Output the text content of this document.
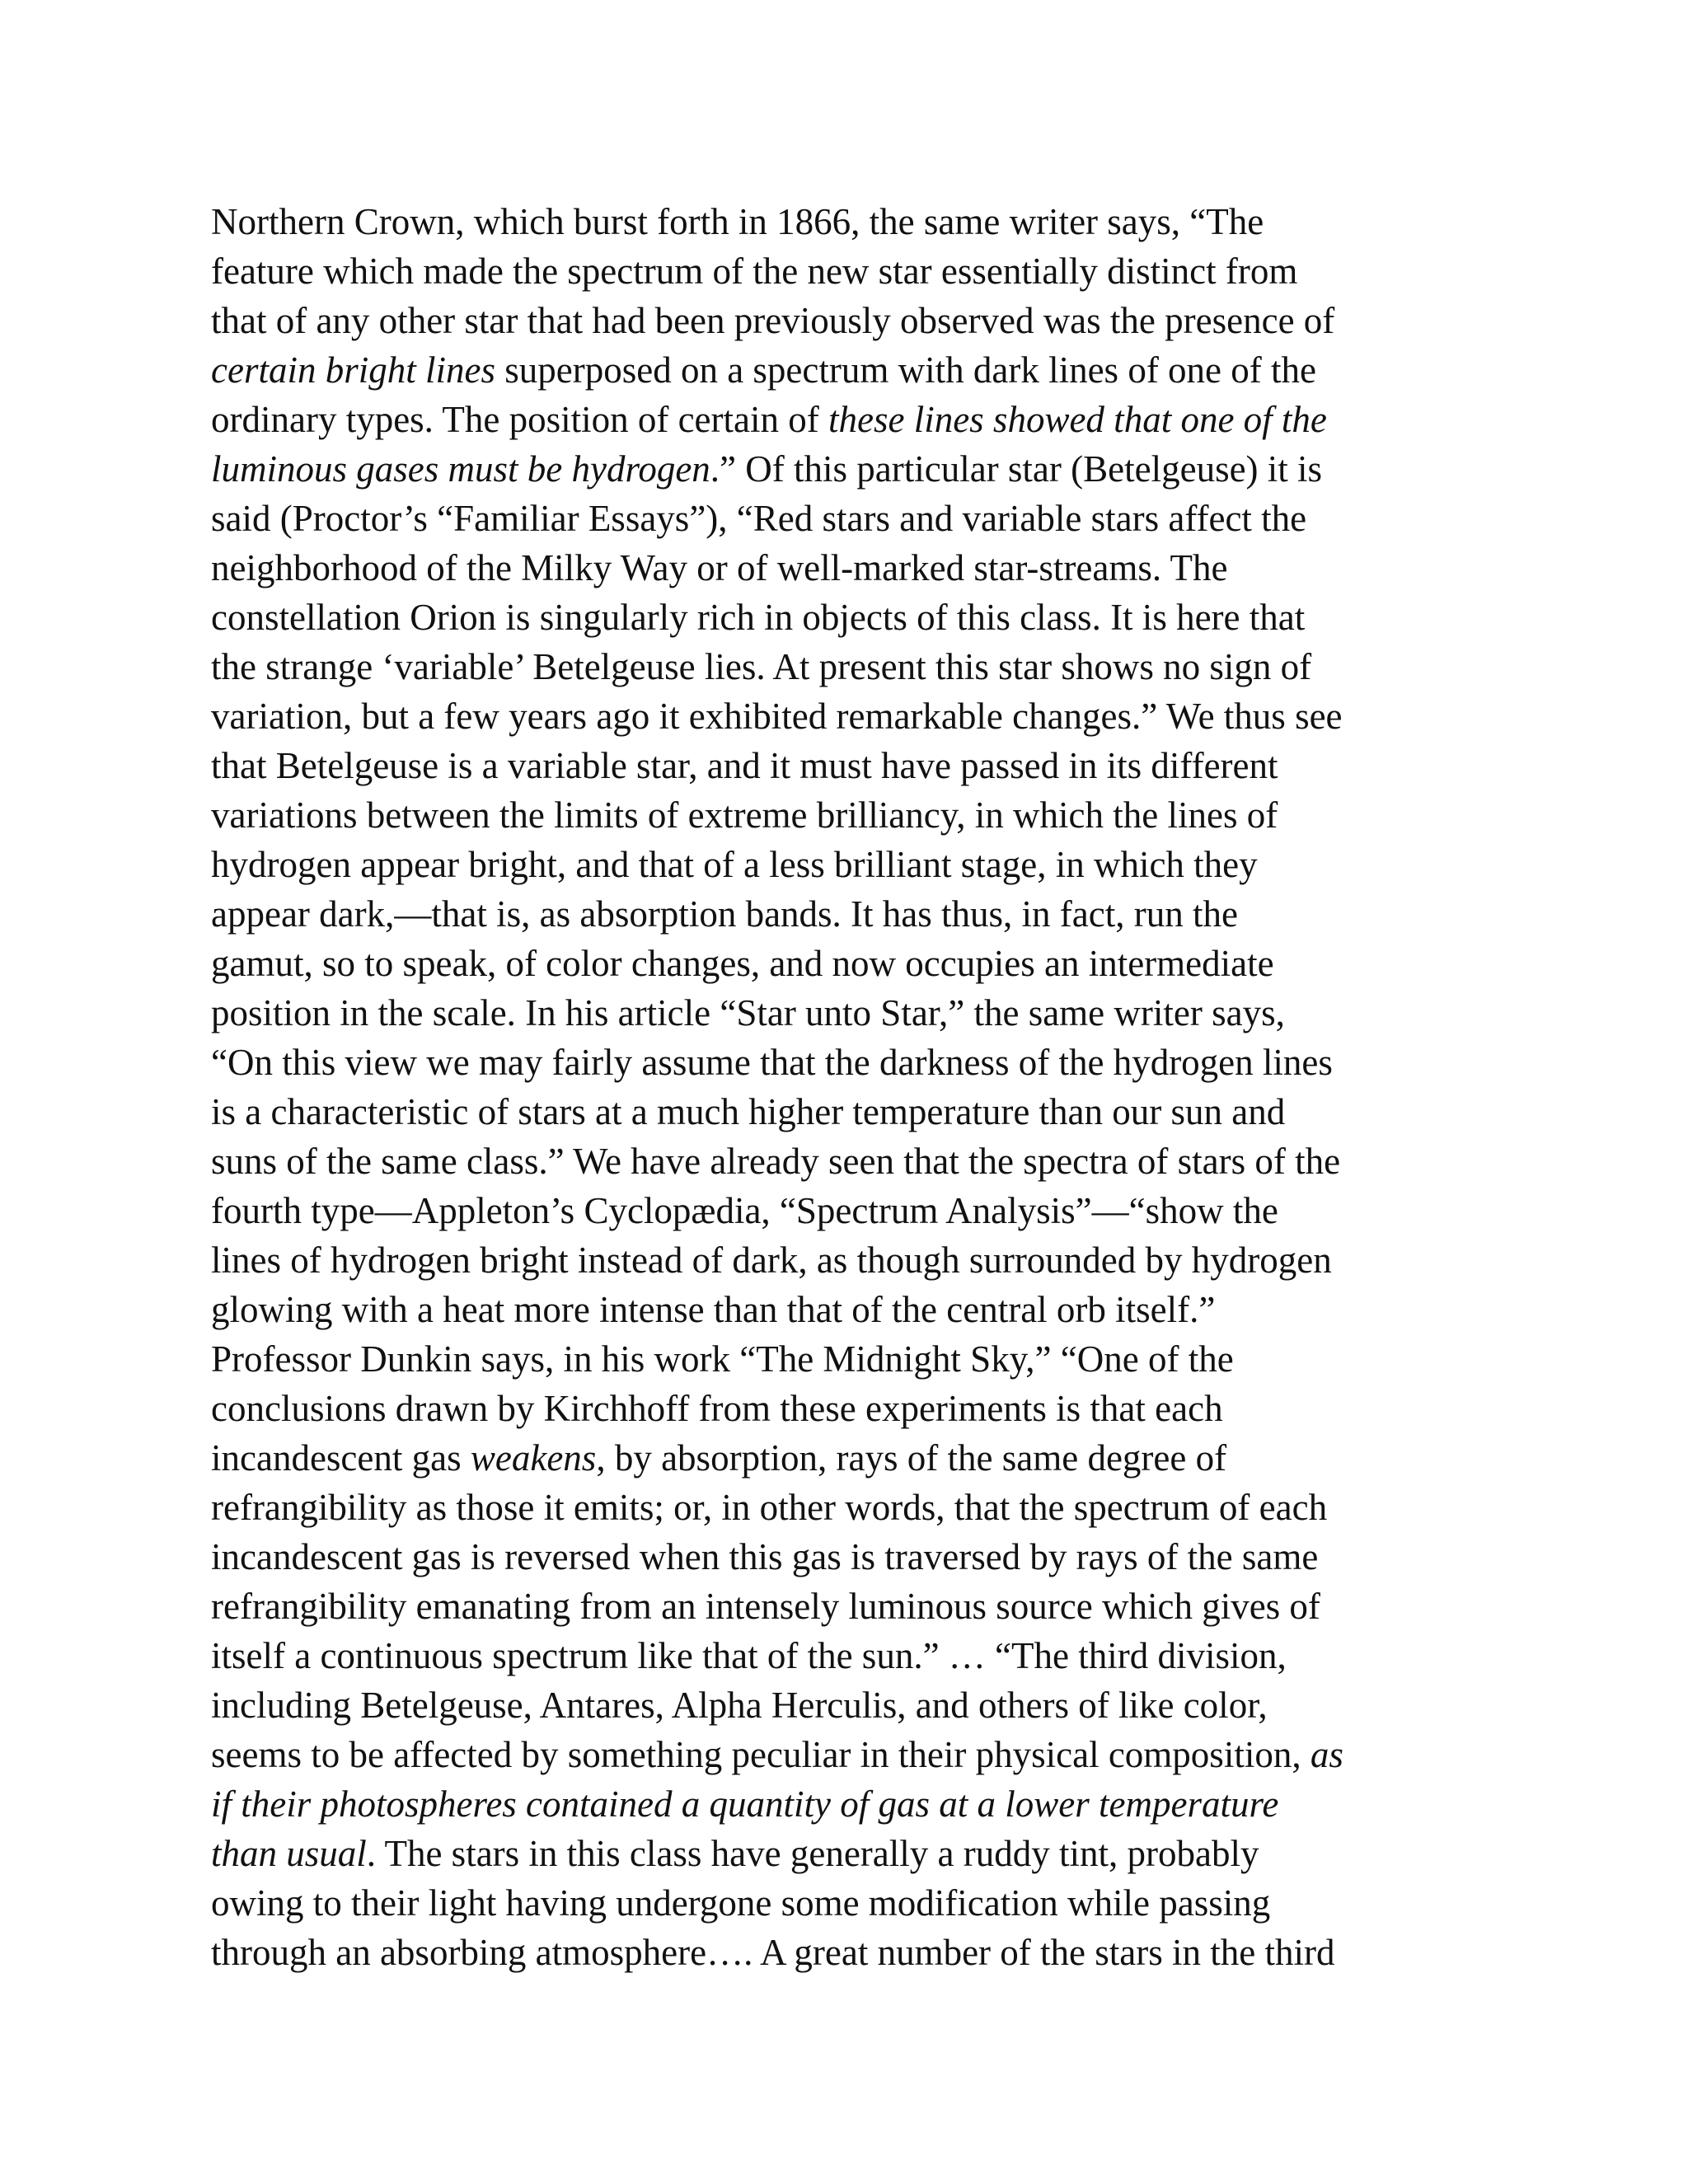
Northern Crown, which burst forth in 1866, the same writer says, “The
feature which made the spectrum of the new star essentially distinct from
that of any other star that had been previously observed was the presence of
certain bright lines superposed on a spectrum with dark lines of one of the
ordinary types. The position of certain of these lines showed that one of the
luminous gases must be hydrogen.” Of this particular star (Betelgeuse) it is
said (Proctor’s “Familiar Essays”), “Red stars and variable stars affect the
neighborhood of the Milky Way or of well-marked star-streams. The
constellation Orion is singularly rich in objects of this class. It is here that
the strange ‘variable’ Betelgeuse lies. At present this star shows no sign of
variation, but a few years ago it exhibited remarkable changes.” We thus see
that Betelgeuse is a variable star, and it must have passed in its different
variations between the limits of extreme brilliancy, in which the lines of
hydrogen appear bright, and that of a less brilliant stage, in which they
appear dark,—that is, as absorption bands. It has thus, in fact, run the
gamut, so to speak, of color changes, and now occupies an intermediate
position in the scale. In his article “Star unto Star,” the same writer says,
“On this view we may fairly assume that the darkness of the hydrogen lines
is a characteristic of stars at a much higher temperature than our sun and
suns of the same class.” We have already seen that the spectra of stars of the
fourth type—Appleton’s Cyclopædia, “Spectrum Analysis”—“show the
lines of hydrogen bright instead of dark, as though surrounded by hydrogen
glowing with a heat more intense than that of the central orb itself.”
Professor Dunkin says, in his work “The Midnight Sky,” “One of the
conclusions drawn by Kirchhoff from these experiments is that each
incandescent gas weakens, by absorption, rays of the same degree of
refrangibility as those it emits; or, in other words, that the spectrum of each
incandescent gas is reversed when this gas is traversed by rays of the same
refrangibility emanating from an intensely luminous source which gives of
itself a continuous spectrum like that of the sun.” … “The third division,
including Betelgeuse, Antares, Alpha Herculis, and others of like color,
seems to be affected by something peculiar in their physical composition, as
if their photospheres contained a quantity of gas at a lower temperature
than usual. The stars in this class have generally a ruddy tint, probably
owing to their light having undergone some modification while passing
through an absorbing atmosphere…. A great number of the stars in the third
